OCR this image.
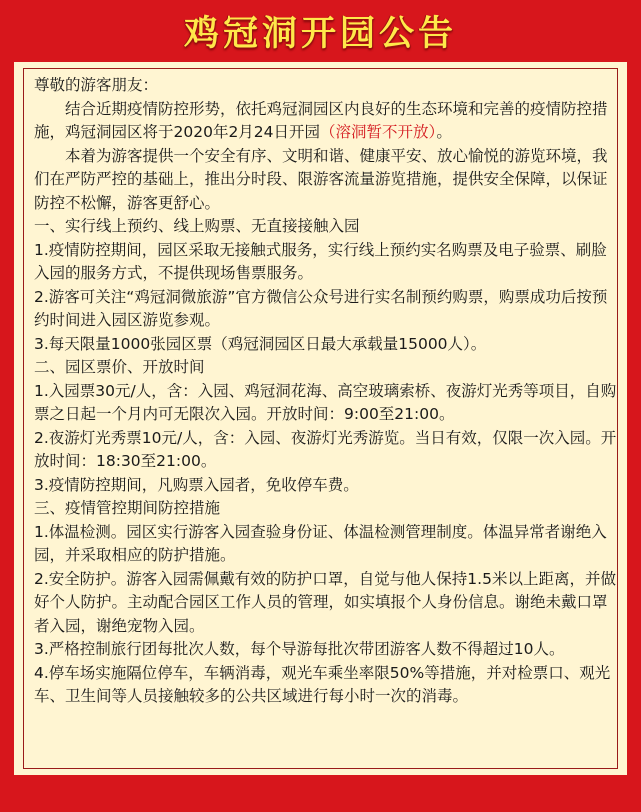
鸡冠洞开园公告

尊敬的游客朋友：

结合近期疫情防控形势，依托鸡冠洞园区内良好的生态环境和完善的疫情防控措施，鸡冠洞园区将于2020年2月24日开园（溶洞暂不开放）。

本着为游客提供一个安全有序、文明和谐、健康平安、放心愉悦的游览环境，我们在严防严控的基础上，推出分时段、限游客流量游览措施，提供安全保障，以保证防控不松懈，游客更舒心。

一、实行线上预约、线上购票、无直接接触入园

1.疫情防控期间，园区采取无接触式服务，实行线上预约实名购票及电子验票、刷脸入园的服务方式，不提供现场售票服务。

2.游客可关注“鸡冠洞微旅游”官方微信公众号进行实名制预约购票，购票成功后按预约时间进入园区游览参观。

3.每天限量1000张园区票（鸡冠洞园区日最大承载量15000人）。

二、园区票价、开放时间

1.入园票30元/人，含：入园、鸡冠洞花海、高空玻璃索桥、夜游灯光秀等项目，自购票之日起一个月内可无限次入园。开放时间：9:00至21:00。

2.夜游灯光秀票10元/人，含：入园、夜游灯光秀游览。当日有效，仅限一次入园。开放时间：18:30至21:00。

3.疫情防控期间，凡购票入园者，免收停车费。

三、疫情管控期间防控措施

1.体温检测。园区实行游客入园查验身份证、体温检测管理制度。体温异常者谢绝入园，并采取相应的防护措施。

2.安全防护。游客入园需佩戴有效的防护口罩，自觉与他人保持1.5米以上距离，并做好个人防护。主动配合园区工作人员的管理，如实填报个人身份信息。谢绝未戴口罩者入园，谢绝宠物入园。

3.严格控制旅行团每批次人数，每个导游每批次带团游客人数不得超过10人。

4.停车场实施隔位停车，车辆消毒，观光车乘坐率限50%等措施，并对检票口、观光车、卫生间等人员接触较多的公共区域进行每小时一次的消毒。
